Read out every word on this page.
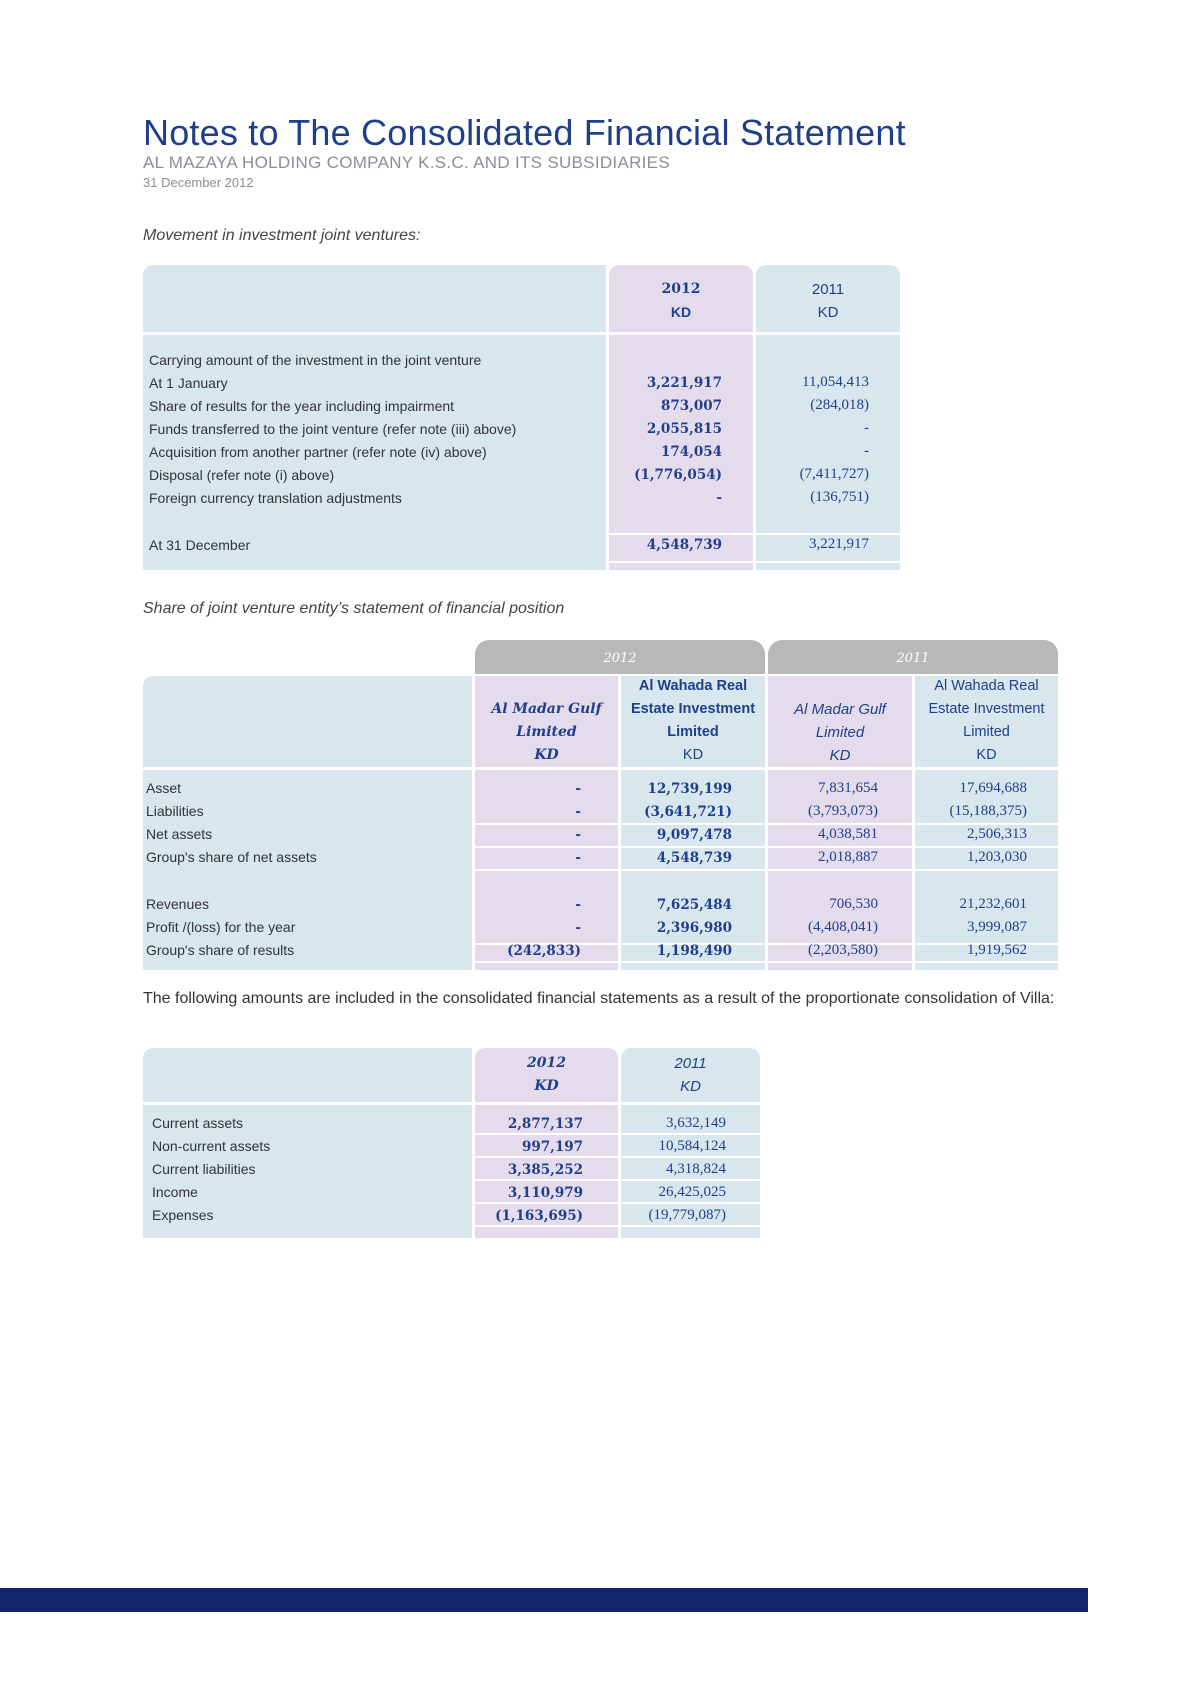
Notes to The Consolidated Financial Statement
AL MAZAYA HOLDING COMPANY K.S.C. AND ITS SUBSIDIARIES
31 December 2012
Movement in investment joint ventures:
2012
KD
2011
KD
Carrying amount of the investment in the joint venture
At 1 January	3,221,917	11,054,413
Share of results for the year including impairment	873,007	(284,018)
Funds transferred to the joint venture (refer note (iii) above)	2,055,815	-
Acquisition from another partner (refer note (iv) above)	174,054	-
Disposal (refer note (i) above)	(1,776,054)	(7,411,727)
Foreign currency translation adjustments	-	(136,751)
At 31 December	4,548,739	3,221,917
Share of joint venture entity’s statement of financial position
2012	2011
Al Madar Gulf
Limited
KD
Al Wahada Real
Estate Investment
Limited
KD
Al Madar Gulf
Limited
KD
Al Wahada Real
Estate Investment
Limited
KD
Asset	-	12,739,199	7,831,654	17,694,688
Liabilities	-	(3,641,721)	(3,793,073)	(15,188,375)
Net assets	-	9,097,478	4,038,581	2,506,313
Group's share of net assets	-	4,548,739	2,018,887	1,203,030
Revenues	-	7,625,484	706,530	21,232,601
Profit /(loss) for the year	-	2,396,980	(4,408,041)	3,999,087
Group's share of results	(242,833)	1,198,490	(2,203,580)	1,919,562
The following amounts are included in the consolidated financial statements as a result of the proportionate consolidation of Villa:
2012
KD
2011
KD
Current assets	2,877,137	3,632,149
Non-current assets	997,197	10,584,124
Current liabilities	3,385,252	4,318,824
Income	3,110,979	26,425,025
Expenses	(1,163,695)	(19,779,087)
